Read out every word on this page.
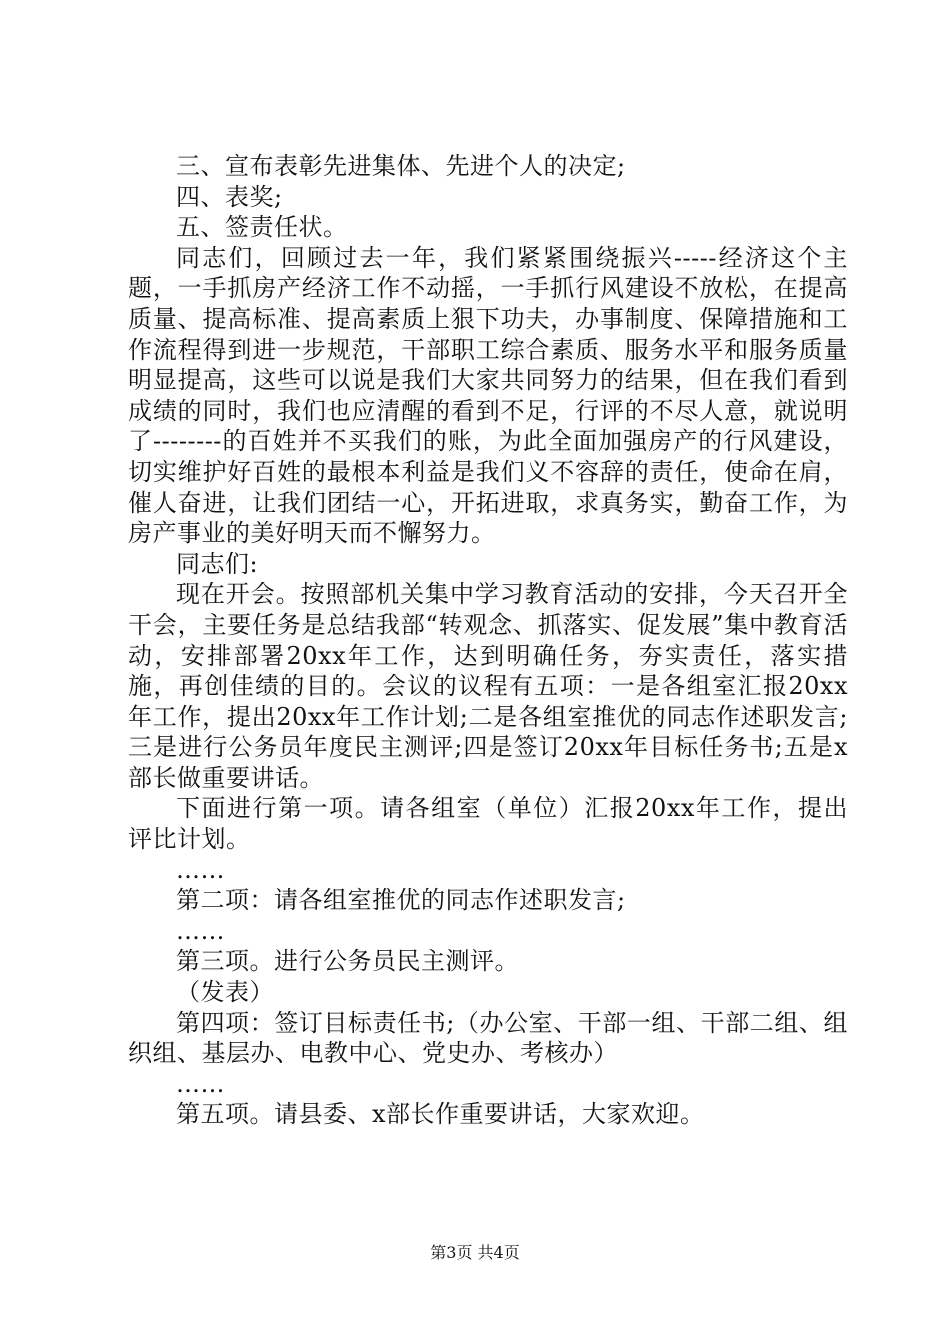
三、宣布表彰先进集体、先进个人的决定;

四、表奖;

五、签责任状。

同志们，回顾过去一年，我们紧紧围绕振兴-----经济这个主题，一手抓房产经济工作不动摇，一手抓行风建设不放松，在提高质量、提高标准、提高素质上狠下功夫，办事制度、保障措施和工作流程得到进一步规范，干部职工综合素质、服务水平和服务质量明显提高，这些可以说是我们大家共同努力的结果，但在我们看到成绩的同时，我们也应清醒的看到不足，行评的不尽人意，就说明了--------的百姓并不买我们的账，为此全面加强房产的行风建设，切实维护好百姓的最根本利益是我们义不容辞的责任，使命在肩，催人奋进，让我们团结一心，开拓进取，求真务实，勤奋工作，为房产事业的美好明天而不懈努力。

同志们:

现在开会。按照部机关集中学习教育活动的安排，今天召开全干会，主要任务是总结我部“转观念、抓落实、促发展”集中教育活动，安排部署20xx年工作，达到明确任务，夯实责任，落实措施，再创佳绩的目的。会议的议程有五项：一是各组室汇报20xx年工作，提出20xx年工作计划;二是各组室推优的同志作述职发言;三是进行公务员年度民主测评;四是签订20xx年目标任务书;五是x部长做重要讲话。

下面进行第一项。请各组室（单位）汇报20xx年工作，提出评比计划。

……

第二项：请各组室推优的同志作述职发言;

……

第三项。进行公务员民主测评。

（发表）

第四项：签订目标责任书;（办公室、干部一组、干部二组、组织组、基层办、电教中心、党史办、考核办）

……

第五项。请县委、x部长作重要讲话，大家欢迎。

第3页 共4页
